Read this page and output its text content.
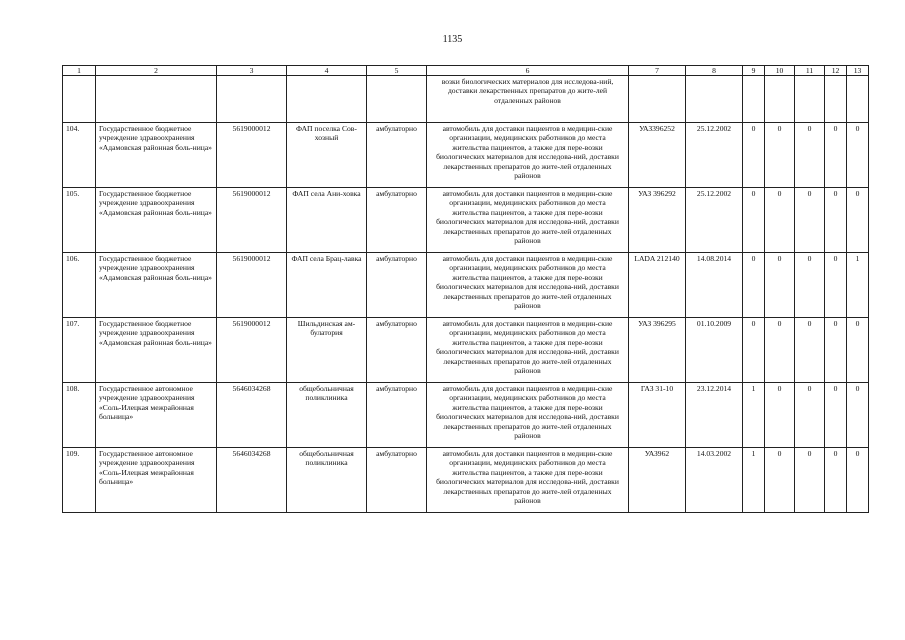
1135
1	2	3	4	5	6	7	8	9	10	11	12	13
					возки биологических материалов для исследова-ний, доставки лекарственных препаратов до жите-лей отдаленных районов							
104.	Государственное бюджетное учреждение здравоохранения «Адамовская районная боль-ница»	5619000012	ФАП поселка Сов-хозный	амбулаторно	автомобиль для доставки пациентов в медицин-ские организации, медицинских работников до места жительства пациентов, а также для пере-возки биологических материалов для исследова-ний, доставки лекарственных препаратов до жите-лей отдаленных районов	УАЗ396252	25.12.2002	0	0	0	0	0
105.	Государственное бюджетное учреждение здравоохранения «Адамовская районная боль-ница»	5619000012	ФАП села Ани-ховка	амбулаторно	автомобиль для доставки пациентов в медицин-ские организации, медицинских работников до места жительства пациентов, а также для пере-возки биологических материалов для исследова-ний, доставки лекарственных препаратов до жите-лей отдаленных районов	УАЗ 396292	25.12.2002	0	0	0	0	0
106.	Государственное бюджетное учреждение здравоохранения «Адамовская районная боль-ница»	5619000012	ФАП села Брац-лавка	амбулаторно	автомобиль для доставки пациентов в медицин-ские организации, медицинских работников до места жительства пациентов, а также для пере-возки биологических материалов для исследова-ний, доставки лекарственных препаратов до жите-лей отдаленных районов	LADA 212140	14.08.2014	0	0	0	0	1
107.	Государственное бюджетное учреждение здравоохранения «Адамовская районная боль-ница»	5619000012	Шильдинская ам-булатория	амбулаторно	автомобиль для доставки пациентов в медицин-ские организации, медицинских работников до места жительства пациентов, а также для пере-возки биологических материалов для исследова-ний, доставки лекарственных препаратов до жите-лей отдаленных районов	УАЗ 396295	01.10.2009	0	0	0	0	0
108.	Государственное автономное учреждение здравоохранения «Соль-Илецкая межрайонная больница»	5646034268	общебольничная поликлиника	амбулаторно	автомобиль для доставки пациентов в медицин-ские организации, медицинских работников до места жительства пациентов, а также для пере-возки биологических материалов для исследова-ний, доставки лекарственных препаратов до жите-лей отдаленных районов	ГАЗ 31-10	23.12.2014	1	0	0	0	0
109.	Государственное автономное учреждение здравоохранения «Соль-Илецкая межрайонная больница»	5646034268	общебольничная поликлиника	амбулаторно	автомобиль для доставки пациентов в медицин-ские организации, медицинских работников до места жительства пациентов, а также для пере-возки биологических материалов для исследова-ний, доставки лекарственных препаратов до жите-лей отдаленных районов	УАЗ962	14.03.2002	1	0	0	0	0
